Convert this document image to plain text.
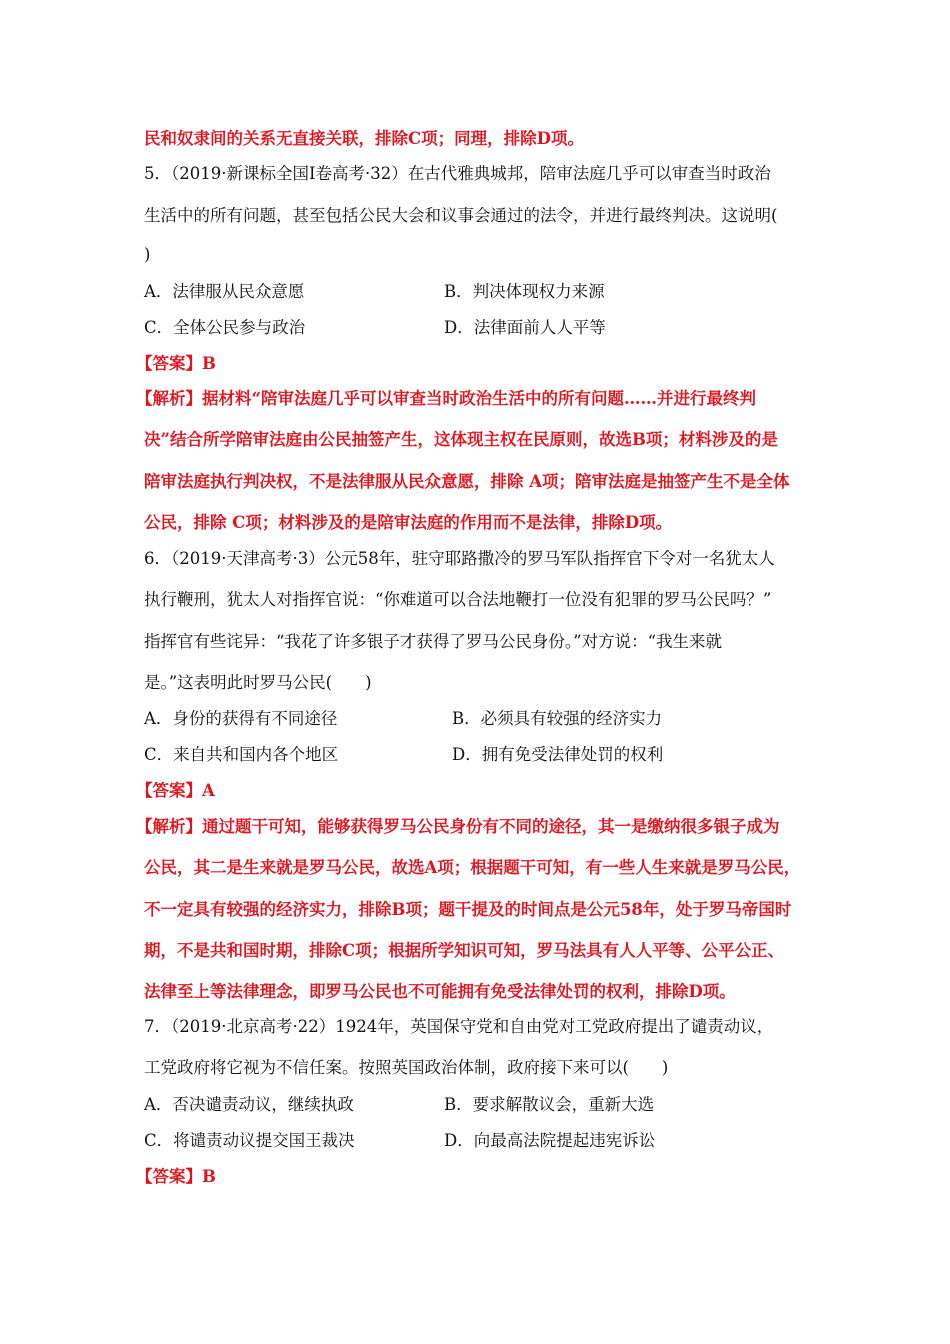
民和奴隶间的关系无直接关联，排除C项；同理，排除D项。
5．（2019·新课标全国Ⅰ卷高考·32）在古代雅典城邦，陪审法庭几乎可以审查当时政治
生活中的所有问题，甚至包括公民大会和议事会通过的法令，并进行最终判决。这说明(
)
A．法律服从民众意愿	B．判决体现权力来源
C．全体公民参与政治	D．法律面前人人平等
【答案】B
【解析】据材料“陪审法庭几乎可以审查当时政治生活中的所有问题……并进行最终判
决”结合所学陪审法庭由公民抽签产生，这体现主权在民原则，故选B项；材料涉及的是
陪审法庭执行判决权，不是法律服从民众意愿，排除 A项；陪审法庭是抽签产生不是全体
公民，排除 C项；材料涉及的是陪审法庭的作用而不是法律，排除D项。
6．（2019·天津高考·3）公元58年，驻守耶路撒冷的罗马军队指挥官下令对一名犹太人
执行鞭刑，犹太人对指挥官说：“你难道可以合法地鞭打一位没有犯罪的罗马公民吗？”
指挥官有些诧异：“我花了许多银子才获得了罗马公民身份。”对方说：“我生来就
是。”这表明此时罗马公民(　　)
A．身份的获得有不同途径	B．必须具有较强的经济实力
C．来自共和国内各个地区	D．拥有免受法律处罚的权利
【答案】A
【解析】通过题干可知，能够获得罗马公民身份有不同的途径，其一是缴纳很多银子成为
公民，其二是生来就是罗马公民，故选A项；根据题干可知，有一些人生来就是罗马公民，
不一定具有较强的经济实力，排除B项；题干提及的时间点是公元58年，处于罗马帝国时
期，不是共和国时期，排除C项；根据所学知识可知，罗马法具有人人平等、公平公正、
法律至上等法律理念，即罗马公民也不可能拥有免受法律处罚的权利，排除D项。
7．（2019·北京高考·22）1924年，英国保守党和自由党对工党政府提出了谴责动议，
工党政府将它视为不信任案。按照英国政治体制，政府接下来可以(　　)
A．否决谴责动议，继续执政	B．要求解散议会，重新大选
C．将谴责动议提交国王裁决	D．向最高法院提起违宪诉讼
【答案】B
